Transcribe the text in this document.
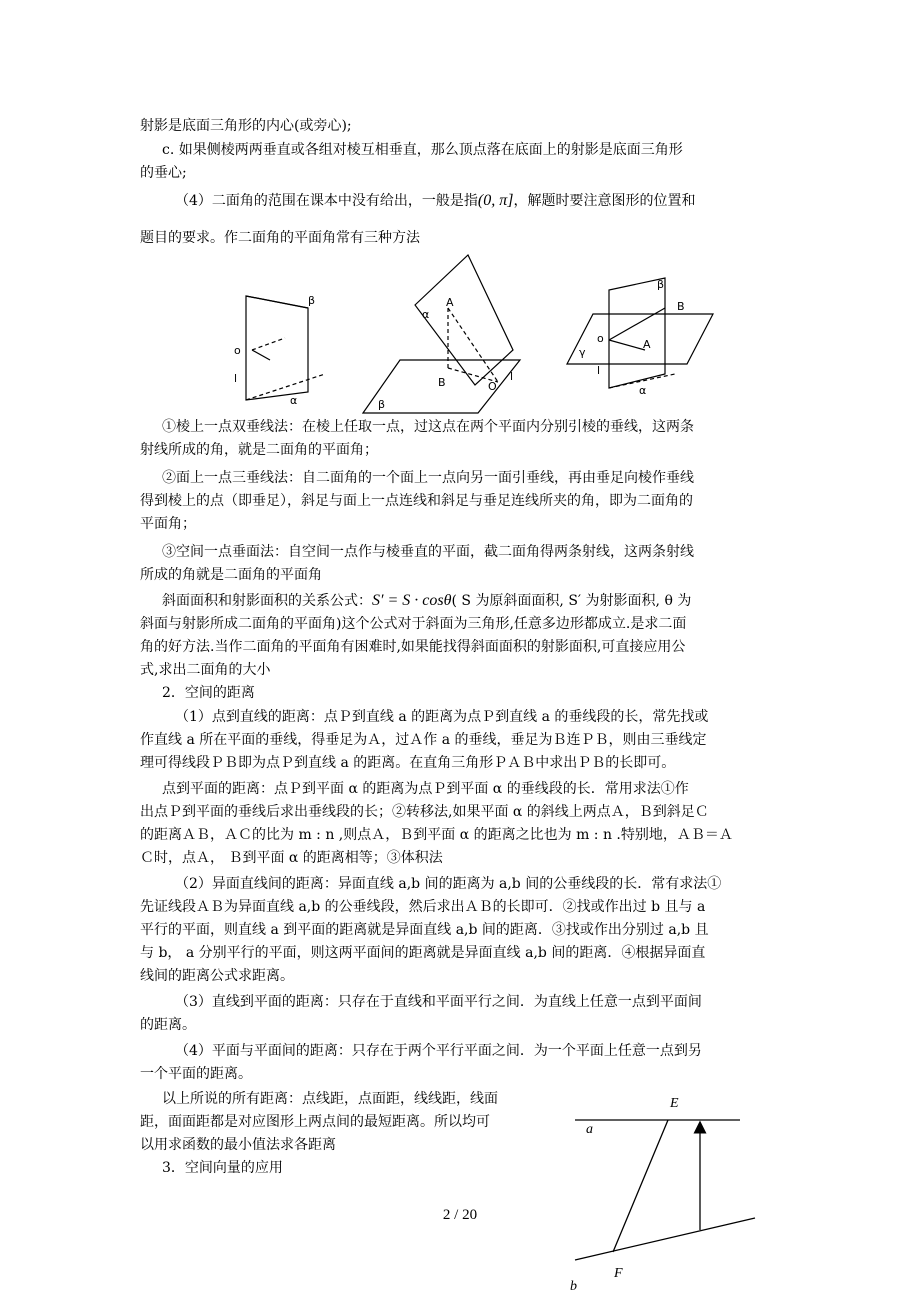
射影是底面三角形的内心(或旁心);
c. 如果侧棱两两垂直或各组对棱互相垂直，那么顶点落在底面上的射影是底面三角形
的垂心;
（4）二面角的范围在课本中没有给出，一般是指(0, π]，解题时要注意图形的位置和
题目的要求。作二面角的平面角常有三种方法
β
o
l
α
A
α
B	O
l
β
β
B
o
γ
A
l
α
①棱上一点双垂线法：在棱上任取一点，过这点在两个平面内分别引棱的垂线，这两条
射线所成的角，就是二面角的平面角；
②面上一点三垂线法：自二面角的一个面上一点向另一面引垂线，再由垂足向棱作垂线
得到棱上的点（即垂足），斜足与面上一点连线和斜足与垂足连线所夹的角，即为二面角的
平面角；
③空间一点垂面法：自空间一点作与棱垂直的平面，截二面角得两条射线，这两条射线
所成的角就是二面角的平面角
斜面面积和射影面积的关系公式：S′ = S · cosθ( S 为原斜面面积, S′ 为射影面积, θ 为
斜面与射影所成二面角的平面角)这个公式对于斜面为三角形,任意多边形都成立.是求二面
角的好方法.当作二面角的平面角有困难时,如果能找得斜面面积的射影面积,可直接应用公
式,求出二面角的大小
2．空间的距离
（1）点到直线的距离：点Ｐ到直线 a 的距离为点Ｐ到直线 a 的垂线段的长，常先找或
作直线 a 所在平面的垂线，得垂足为Ａ，过Ａ作 a 的垂线，垂足为Ｂ连ＰＢ，则由三垂线定
理可得线段ＰＢ即为点Ｐ到直线 a 的距离。在直角三角形ＰＡＢ中求出ＰＢ的长即可。
点到平面的距离：点Ｐ到平面 α 的距离为点Ｐ到平面 α 的垂线段的长．常用求法①作
出点Ｐ到平面的垂线后求出垂线段的长；②转移法,如果平面 α 的斜线上两点Ａ，Ｂ到斜足Ｃ
的距离ＡＢ，ＡＣ的比为 m : n ,则点Ａ，Ｂ到平面 α 的距离之比也为 m : n .特别地，ＡＢ＝Ａ
Ｃ时，点Ａ， Ｂ到平面 α 的距离相等；③体积法
（2）异面直线间的距离：异面直线 a,b 间的距离为 a,b 间的公垂线段的长．常有求法①
先证线段ＡＢ为异面直线 a,b 的公垂线段，然后求出ＡＢ的长即可．②找或作出过 b 且与 a
平行的平面，则直线 a 到平面的距离就是异面直线 a,b 间的距离．③找或作出分别过 a,b 且
与 b， a 分别平行的平面，则这两平面间的距离就是异面直线 a,b 间的距离．④根据异面直
线间的距离公式求距离。
（3）直线到平面的距离：只存在于直线和平面平行之间．为直线上任意一点到平面间
的距离。
（4）平面与平面间的距离：只存在于两个平行平面之间．为一个平面上任意一点到另
一个平面的距离。
以上所说的所有距离：点线距，点面距，线线距，线面
距，面面距都是对应图形上两点间的最短距离。所以均可
以用求函数的最小值法求各距离
3．空间向量的应用
E
a
F
b
2 / 20
